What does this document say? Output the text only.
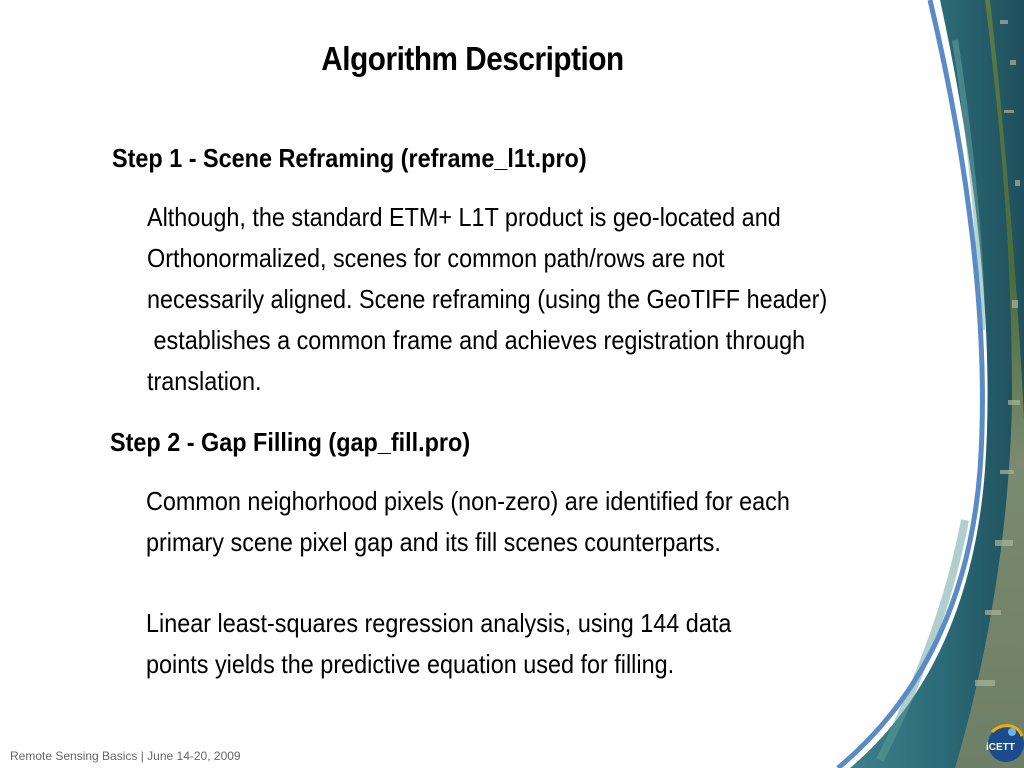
Algorithm Description
Step 1 - Scene Reframing (reframe_l1t.pro)
Although, the standard ETM+ L1T product is geo-located and
Orthonormalized, scenes for common path/rows are not
necessarily aligned. Scene reframing (using the GeoTIFF header)
establishes a common frame and achieves registration through
translation.
Step 2 - Gap Filling (gap_fill.pro)
Common neighorhood pixels (non-zero) are identified for each
primary scene pixel gap and its fill scenes counterparts.
Linear least-squares regression analysis, using 144 data
points yields the predictive equation used for filling.
Remote Sensing Basics | June 14-20, 2009
iCETT
